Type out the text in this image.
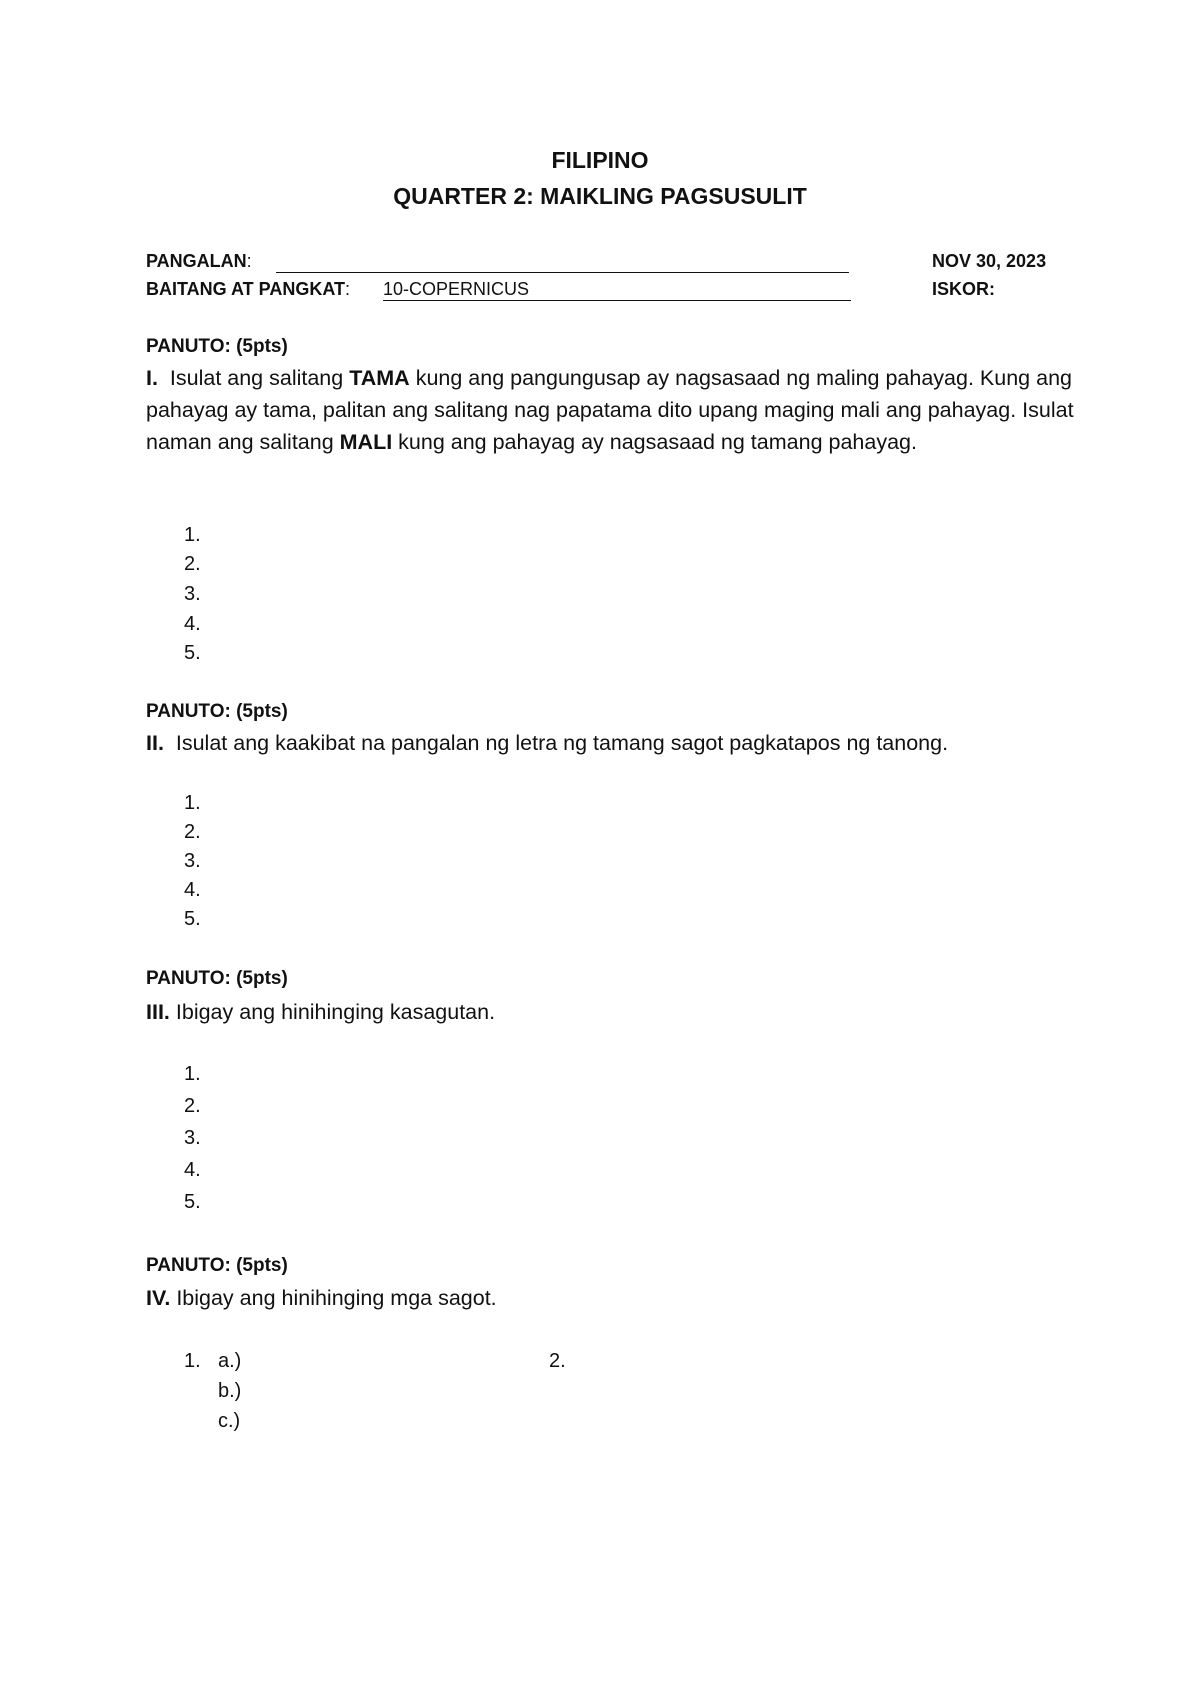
FILIPINO
QUARTER 2: MAIKLING PAGSUSULIT
PANGALAN:	NOV 30, 2023
BAITANG AT PANGKAT: 10-COPERNICUS	ISKOR:
PANUTO: (5pts)
I. Isulat ang salitang TAMA kung ang pangungusap ay nagsasaad ng maling pahayag. Kung ang pahayag ay tama, palitan ang salitang nag papatama dito upang maging mali ang pahayag. Isulat naman ang salitang MALI kung ang pahayag ay nagsasaad ng tamang pahayag.
1.
2.
3.
4.
5.
PANUTO: (5pts)
II. Isulat ang kaakibat na pangalan ng letra ng tamang sagot pagkatapos ng tanong.
1.
2.
3.
4.
5.
PANUTO: (5pts)
III. Ibigay ang hinihinging kasagutan.
1.
2.
3.
4.
5.
PANUTO: (5pts)
IV. Ibigay ang hinihinging mga sagot.
1. a.)
b.)
c.)
2.
